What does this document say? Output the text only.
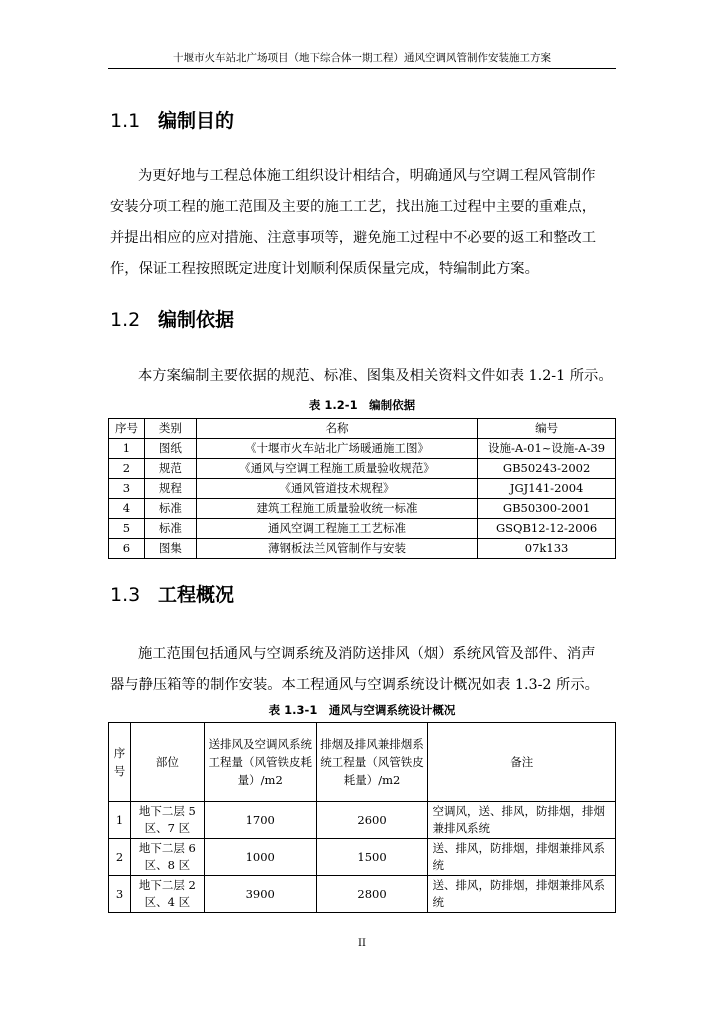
十堰市火车站北广场项目（地下综合体一期工程）通风空调风管制作安装施工方案
1.1 编制目的

为更好地与工程总体施工组织设计相结合，明确通风与空调工程风管制作

安装分项工程的施工范围及主要的施工工艺，找出施工过程中主要的重难点，

并提出相应的应对措施、注意事项等，避免施工过程中不必要的返工和整改工

作，保证工程按照既定进度计划顺利保质保量完成，特编制此方案。

1.2 编制依据

本方案编制主要依据的规范、标准、图集及相关资料文件如表 1.2-1 所示。

表 1.2-1　编制依据
序号	类别	名称	编号
1	图纸	《十堰市火车站北广场暖通施工图》	设施-A-01~设施-A-39
2	规范	《通风与空调工程施工质量验收规范》	GB50243-2002
3	规程	《通风管道技术规程》	JGJ141-2004
4	标准	建筑工程施工质量验收统一标准	GB50300-2001
5	标准	通风空调工程施工工艺标准	GSQB12-12-2006
6	图集	薄钢板法兰风管制作与安装	07k133
1.3 工程概况

施工范围包括通风与空调系统及消防送排风（烟）系统风管及部件、消声

器与静压箱等的制作安装。本工程通风与空调系统设计概况如表 1.3-2 所示。

表 1.3-1　通风与空调系统设计概况
序号	部位	送排风及空调风系统工程量（风管铁皮耗量）/m2	排烟及排风兼排烟系统工程量（风管铁皮耗量）/m2	备注
1	地下二层 5 区、7 区	1700	2600	空调风，送、排风，防排烟，排烟兼排风系统
2	地下二层 6 区、8 区	1000	1500	送、排风，防排烟，排烟兼排风系统
3	地下二层 2 区、4 区	3900	2800	送、排风，防排烟，排烟兼排风系统
II
